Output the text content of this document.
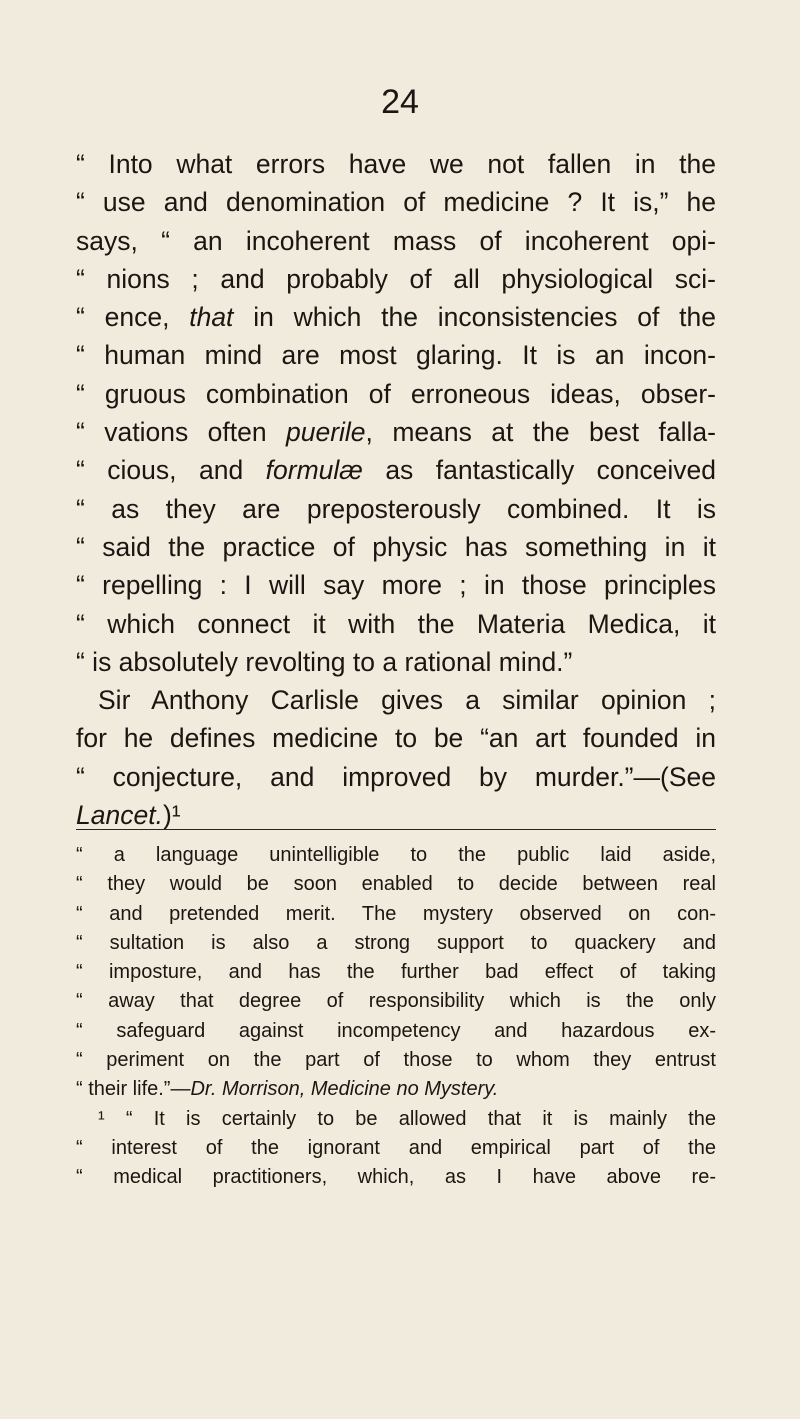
24
“ Into what errors have we not fallen in the
“ use and denomination of medicine ? It is,” he
says, “ an incoherent mass of incoherent opi-
“ nions ; and probably of all physiological sci-
“ ence, that in which the inconsistencies of the
“ human mind are most glaring. It is an incon-
“ gruous combination of erroneous ideas, obser-
“ vations often puerile, means at the best falla-
“ cious, and formulæ as fantastically conceived
“ as they are preposterously combined. It is
“ said the practice of physic has something in it
“ repelling : I will say more ; in those principles
“ which connect it with the Materia Medica, it
“ is absolutely revolting to a rational mind.”
Sir Anthony Carlisle gives a similar opinion ;
for he defines medicine to be “an art founded in
“ conjecture, and improved by murder.”—(See
Lancet.)¹
“ a language unintelligible to the public laid aside,
“ they would be soon enabled to decide between real
“ and pretended merit. The mystery observed on con-
“ sultation is also a strong support to quackery and
“ imposture, and has the further bad effect of taking
“ away that degree of responsibility which is the only
“ safeguard against incompetency and hazardous ex-
“ periment on the part of those to whom they entrust
“ their life.”—Dr. Morrison, Medicine no Mystery.
¹ “ It is certainly to be allowed that it is mainly the
“ interest of the ignorant and empirical part of the
“ medical practitioners, which, as I have above re-
